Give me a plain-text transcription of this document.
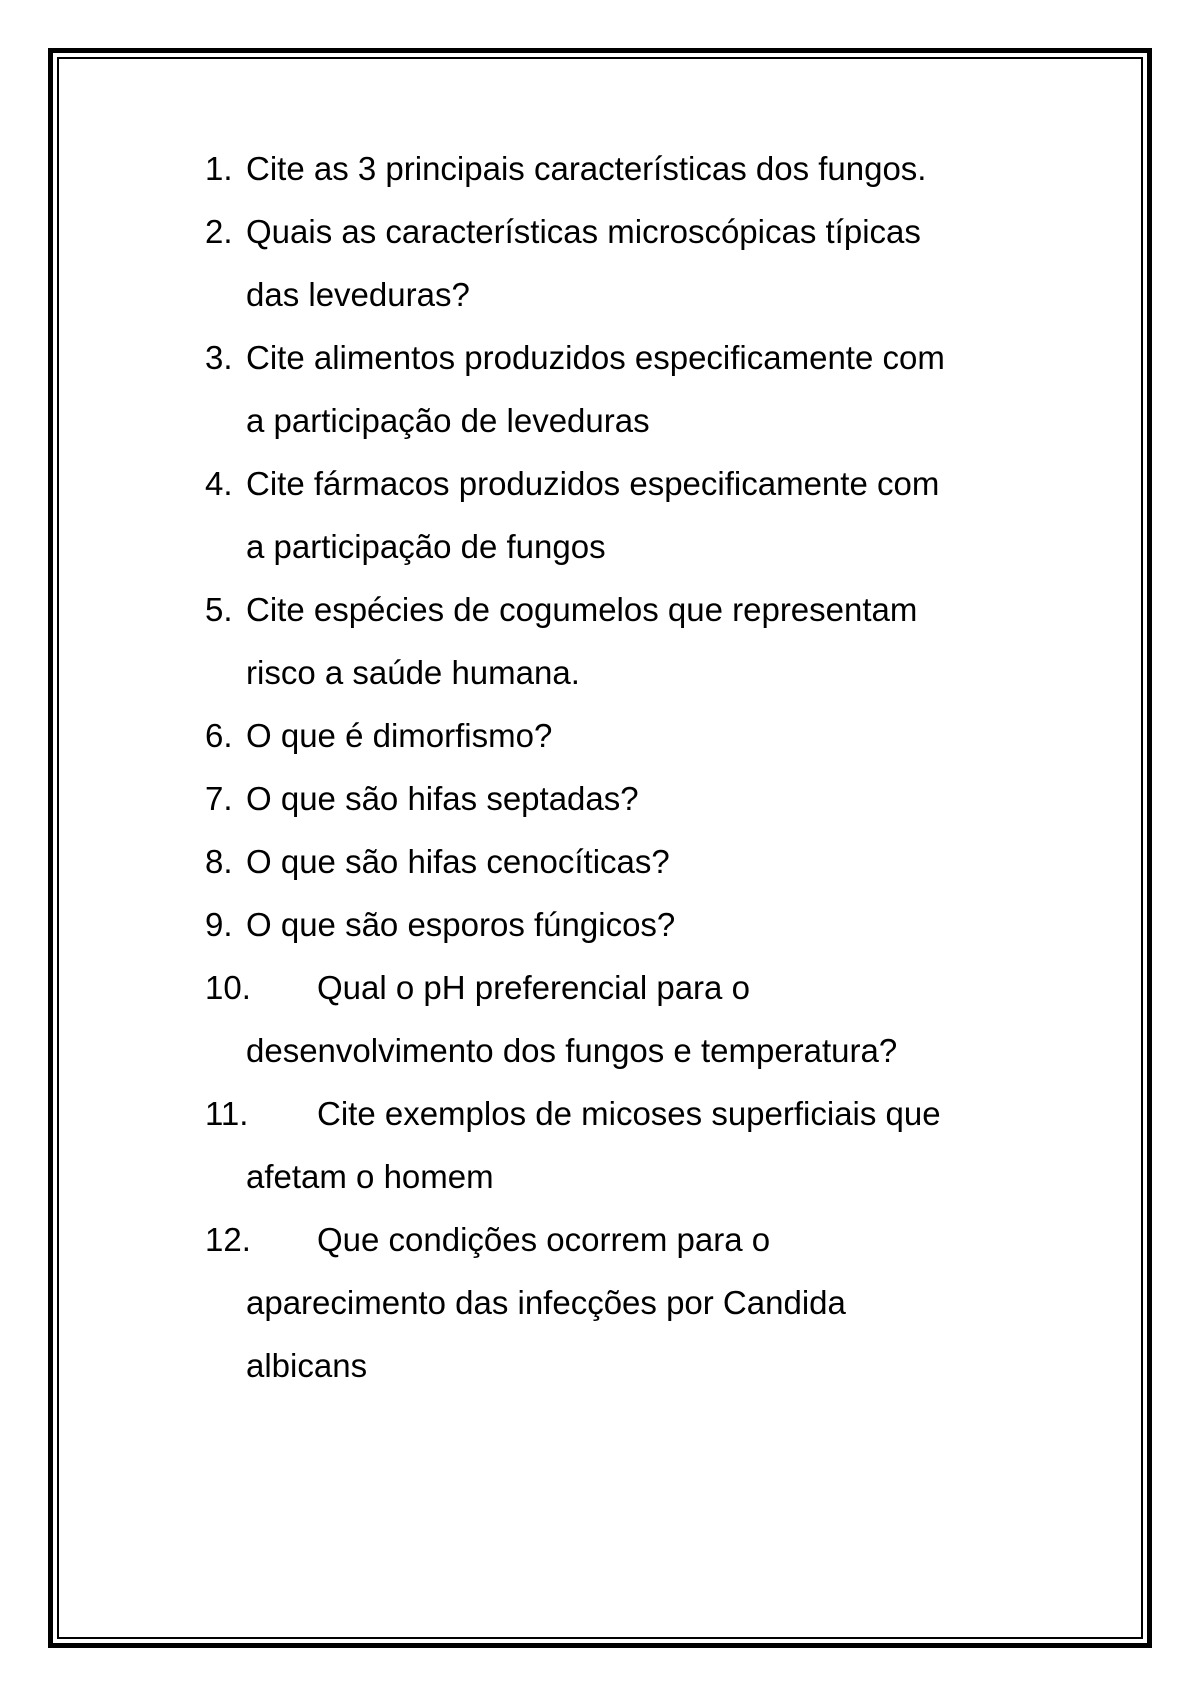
1. Cite as 3 principais características dos fungos.
2. Quais as características microscópicas típicas
das leveduras?
3. Cite alimentos produzidos especificamente com
a participação de leveduras
4. Cite fármacos produzidos especificamente com
a participação de fungos
5. Cite espécies de cogumelos que representam
risco a saúde humana.
6. O que é dimorfismo?
7. O que são hifas septadas?
8. O que são hifas cenocíticas?
9. O que são esporos fúngicos?
10.	Qual o pH preferencial para o
desenvolvimento dos fungos e temperatura?
11.	Cite exemplos de micoses superficiais que
afetam o homem
12.	Que condições ocorrem para o
aparecimento das infecções por Candida
albicans
